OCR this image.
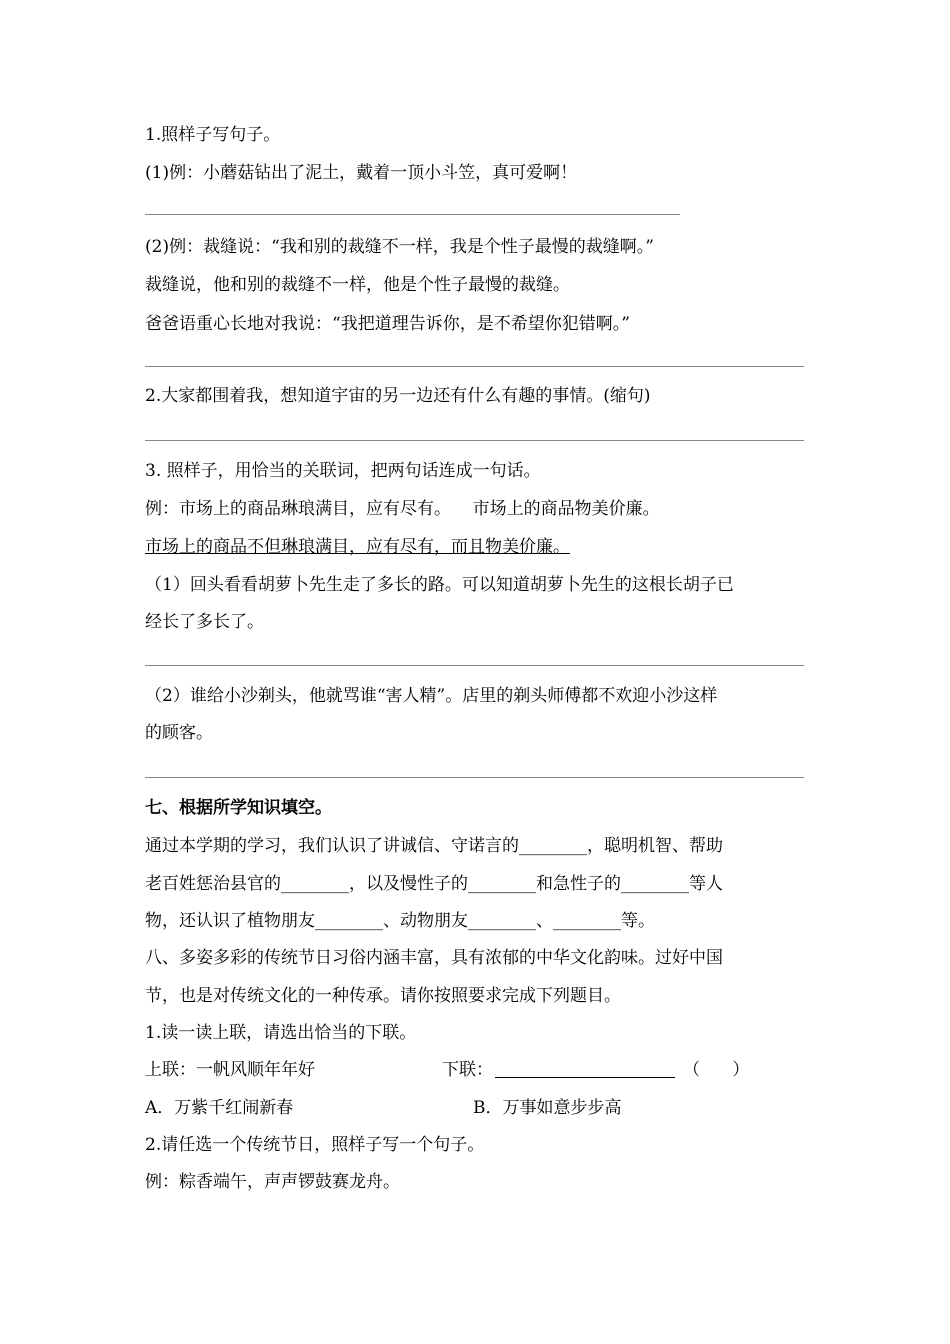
1.照样子写句子。
(1)例：小蘑菇钻出了泥土，戴着一顶小斗笠，真可爱啊！
(2)例：裁缝说：“我和别的裁缝不一样，我是个性子最慢的裁缝啊。”
裁缝说，他和别的裁缝不一样，他是个性子最慢的裁缝。
爸爸语重心长地对我说：“我把道理告诉你，是不希望你犯错啊。”
2.大家都围着我，想知道宇宙的另一边还有什么有趣的事情。(缩句)
3. 照样子，用恰当的关联词，把两句话连成一句话。
例：市场上的商品琳琅满目，应有尽有。    市场上的商品物美价廉。
市场上的商品不但琳琅满目，应有尽有，而且物美价廉。
（1）回头看看胡萝卜先生走了多长的路。可以知道胡萝卜先生的这根长胡子已
经长了多长了。
（2）谁给小沙剃头，他就骂谁“害人精”。店里的剃头师傅都不欢迎小沙这样
的顾客。
七、根据所学知识填空。
通过本学期的学习，我们认识了讲诚信、守诺言的________，聪明机智、帮助
老百姓惩治县官的________，以及慢性子的________和急性子的________等人
物，还认识了植物朋友________、动物朋友________、________等。
八、多姿多彩的传统节日习俗内涵丰富，具有浓郁的中华文化韵味。过好中国
节，也是对传统文化的一种传承。请你按照要求完成下列题目。
1.读一读上联，请选出恰当的下联。
上联：一帆风顺年年好	下联：	（      ）
A．万紫千红闹新春	B．万事如意步步高
2.请任选一个传统节日，照样子写一个句子。
例：粽香端午，声声锣鼓赛龙舟。
